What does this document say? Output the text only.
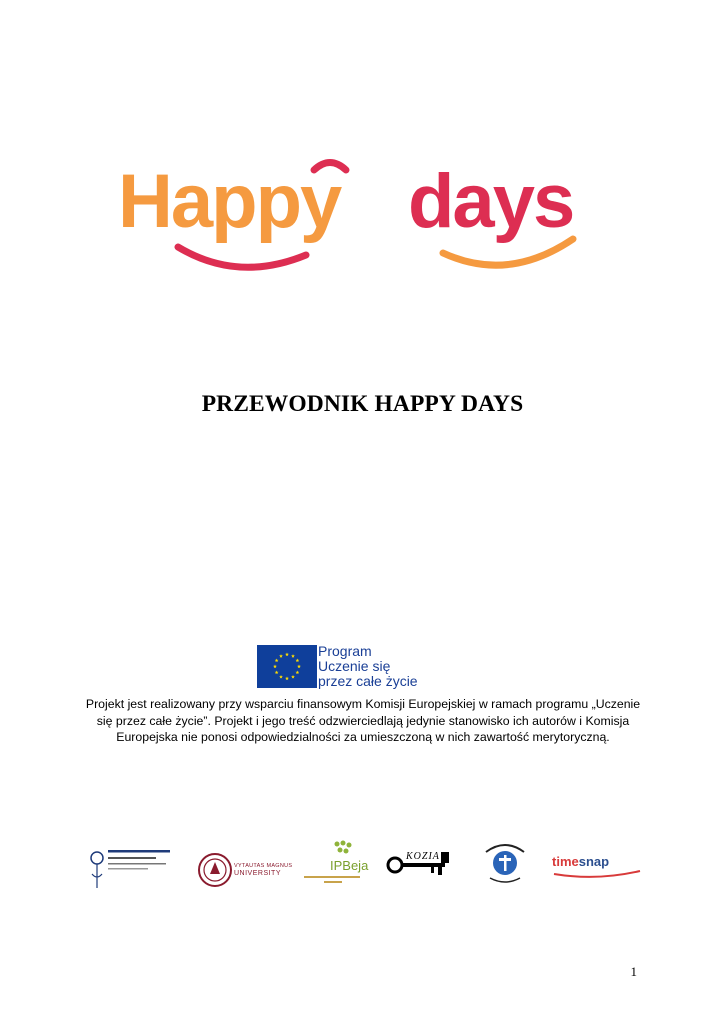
Happy days
PRZEWODNIK HAPPY DAYS
Program
Uczenie się
przez całe życie
Projekt jest realizowany przy wsparciu finansowym Komisji Europejskiej w ramach programu „Uczenie
się przez całe życie”. Projekt i jego treść odzwierciedlają jedynie stanowisko ich autorów i Komisja
Europejska nie ponosi odpowiedzialności za umieszczoną w nich zawartość merytoryczną.
VYTAUTAS MAGNUS
UNIVERSITY
IPBeja
KOZIA	timesnap
1
